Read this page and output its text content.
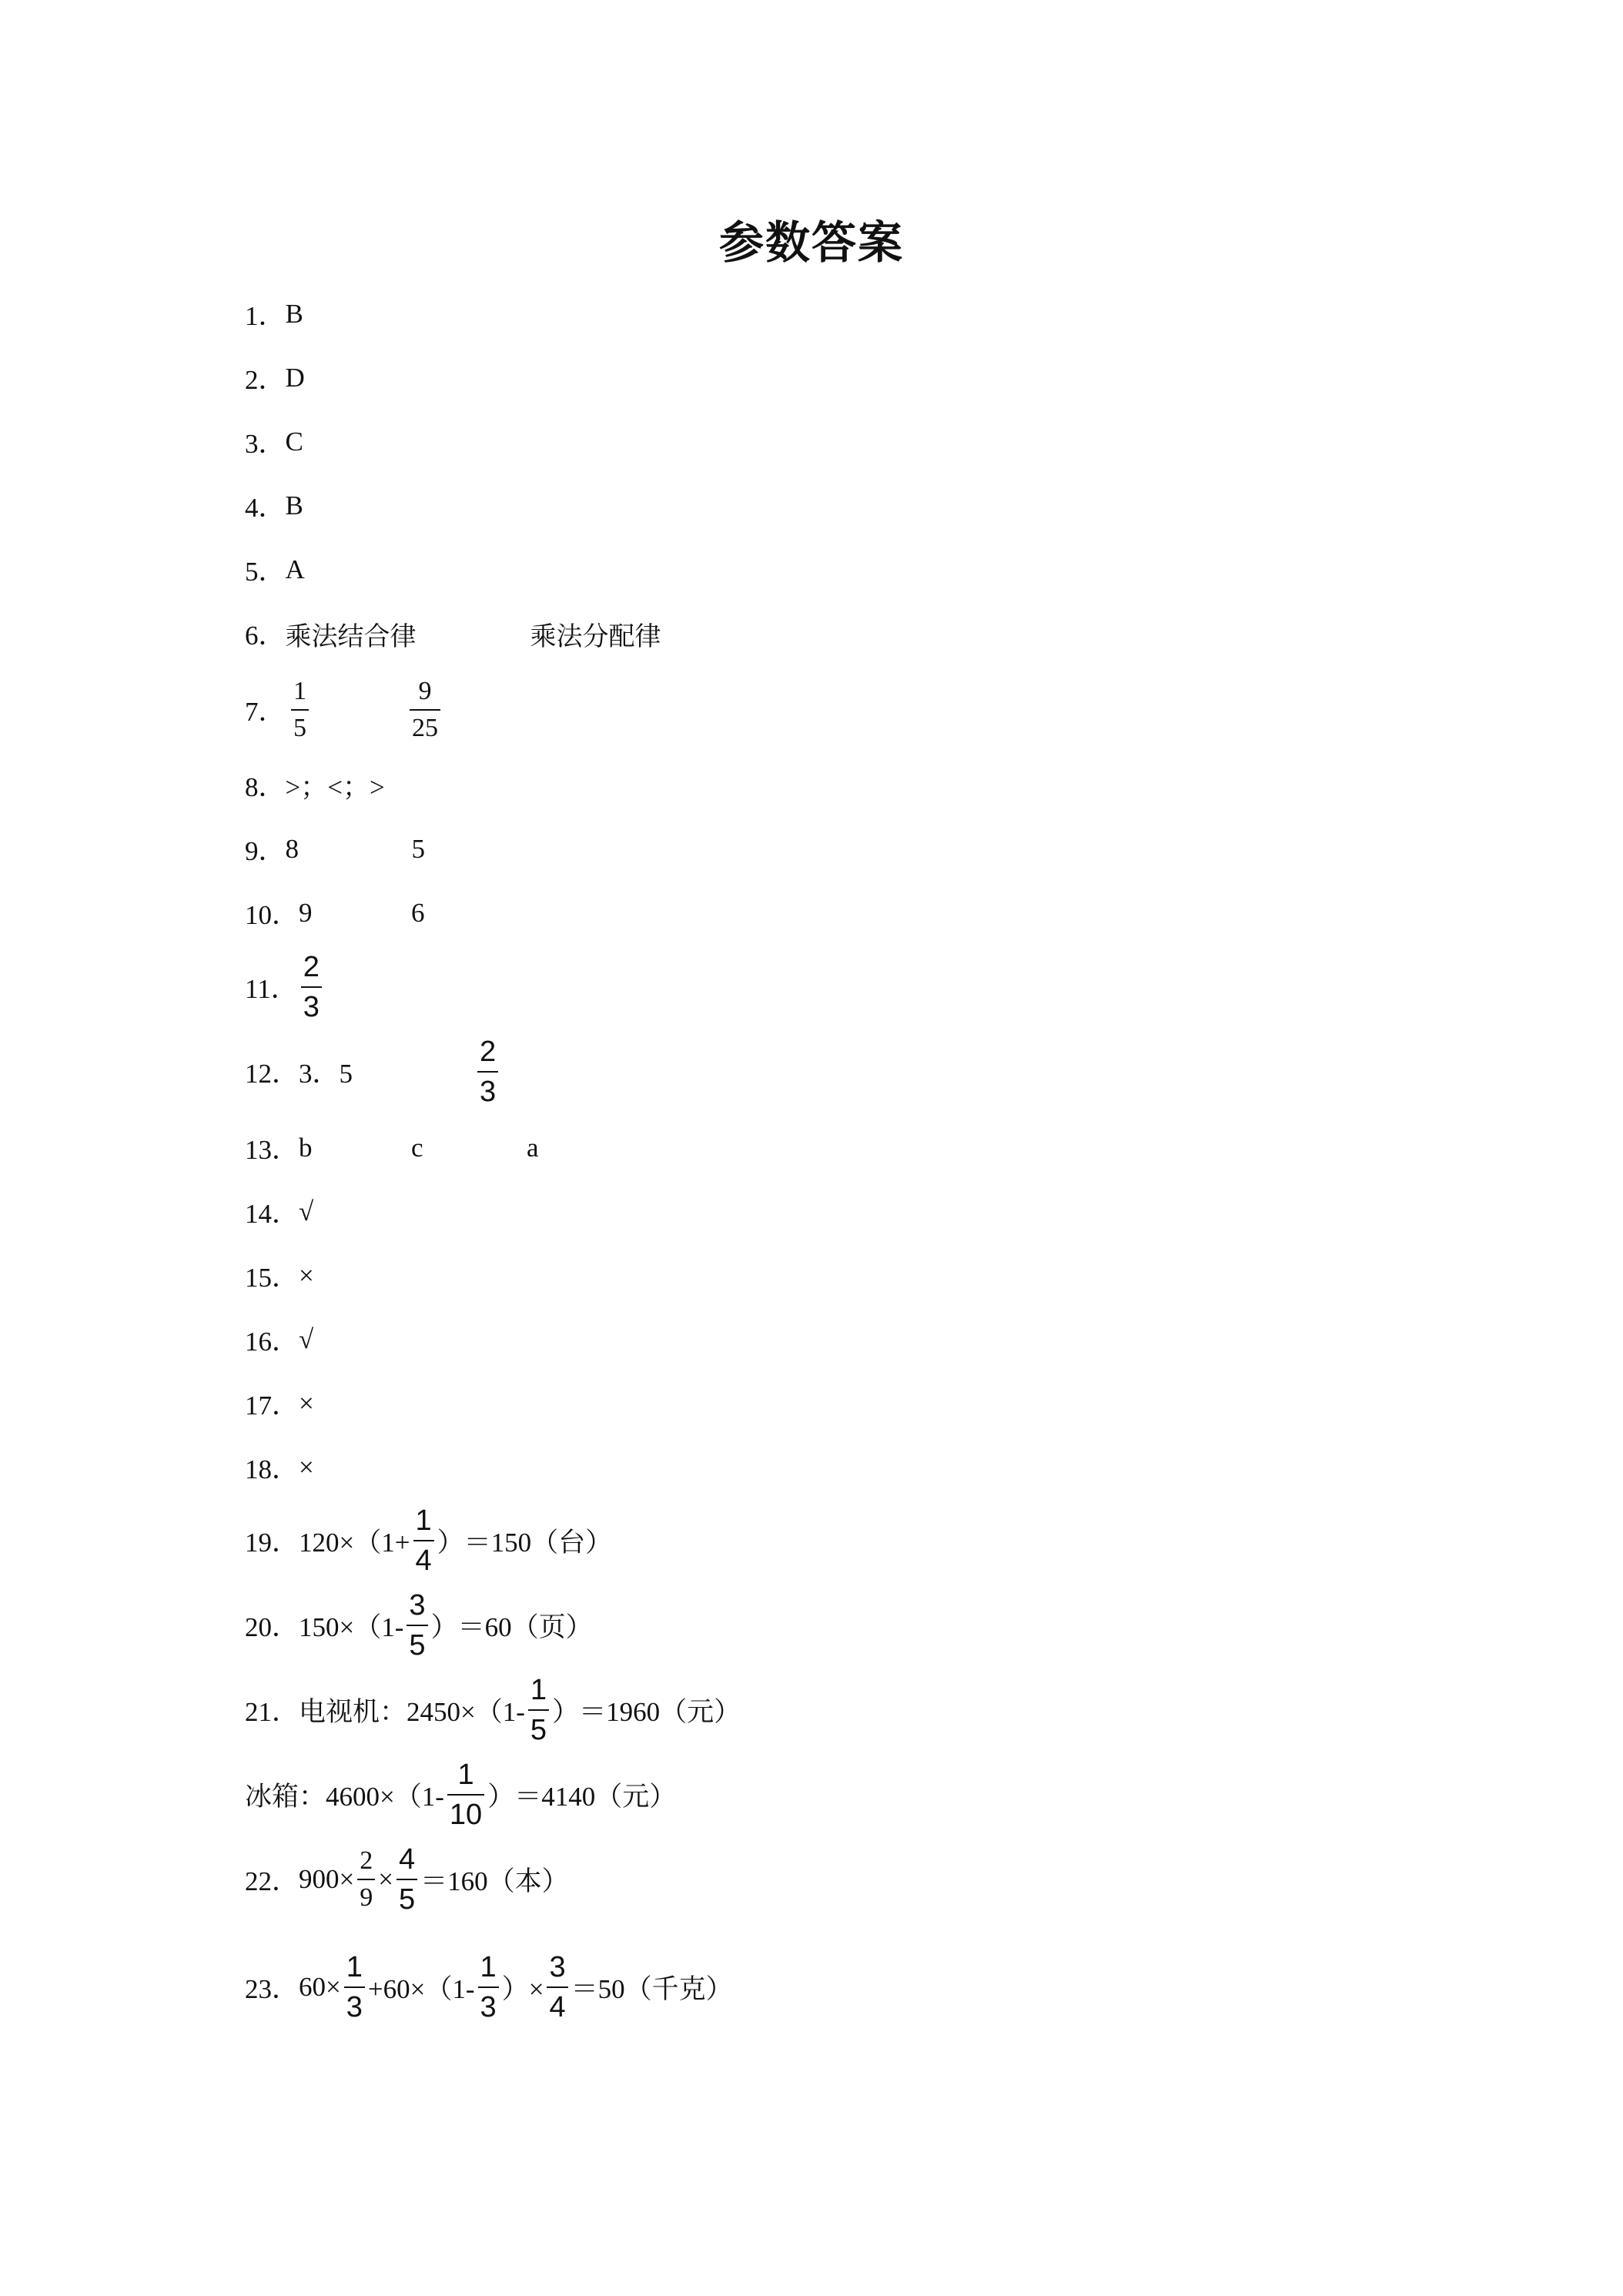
参数答案
1． B
2． D
3． C
4． B
5． A
6． 乘法结合律	乘法分配律
7． $\frac{1}{5}$	$\frac{9}{25}$
8． >；<；>
9． 8	5
10． 9	6
11． $\frac{2}{3}$
12． 3．5	$\frac{2}{3}$
13． b	c	a
14． √
15． ×
16． √
17． ×
18． ×
19． $120\times(1+ \frac{1}{4} )=150$（台）
20． $150\times(1- \frac{3}{5} )=60$（页）
21． 电视机：$2450\times(1- \frac{1}{5} )=1960$（元）
冰箱：$4600\times(1- \frac{1}{10} )=4140$（元）
22． $900\times \frac{2}{9} \times \frac{4}{5} =160$（本）
23． $60\times \frac{1}{3} +60\times(1- \frac{1}{3}$ ）× $\frac{3}{4} =50$（千克）
